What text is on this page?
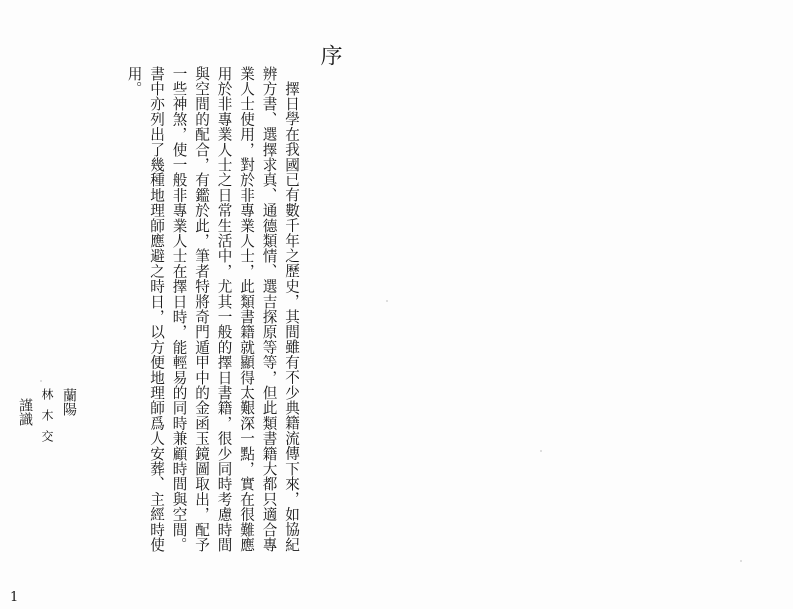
序

擇日學在我國已有數千年之歷史，其間雖有不少典籍流傳下來，如協紀辨方書、選擇求真、通德類情、選吉探原等等，但此類書籍大都只適合專業人士使用，對於非專業人士，此類書籍就顯得太艱深一點，實在很難應用於非專業人士之日常生活中，尤其一般的擇日書籍，很少同時考慮時間與空間的配合，有鑑於此，筆者特將奇門遁甲中的金函玉鏡圖取出，配予一些神煞，使一般非專業人士在擇日時，能輕易的同時兼顧時間與空間。書中亦列出了幾種地理師應避之時日，以方便地理師爲人安葬、主經時使用。

蘭陽
林木交
謹識
1
